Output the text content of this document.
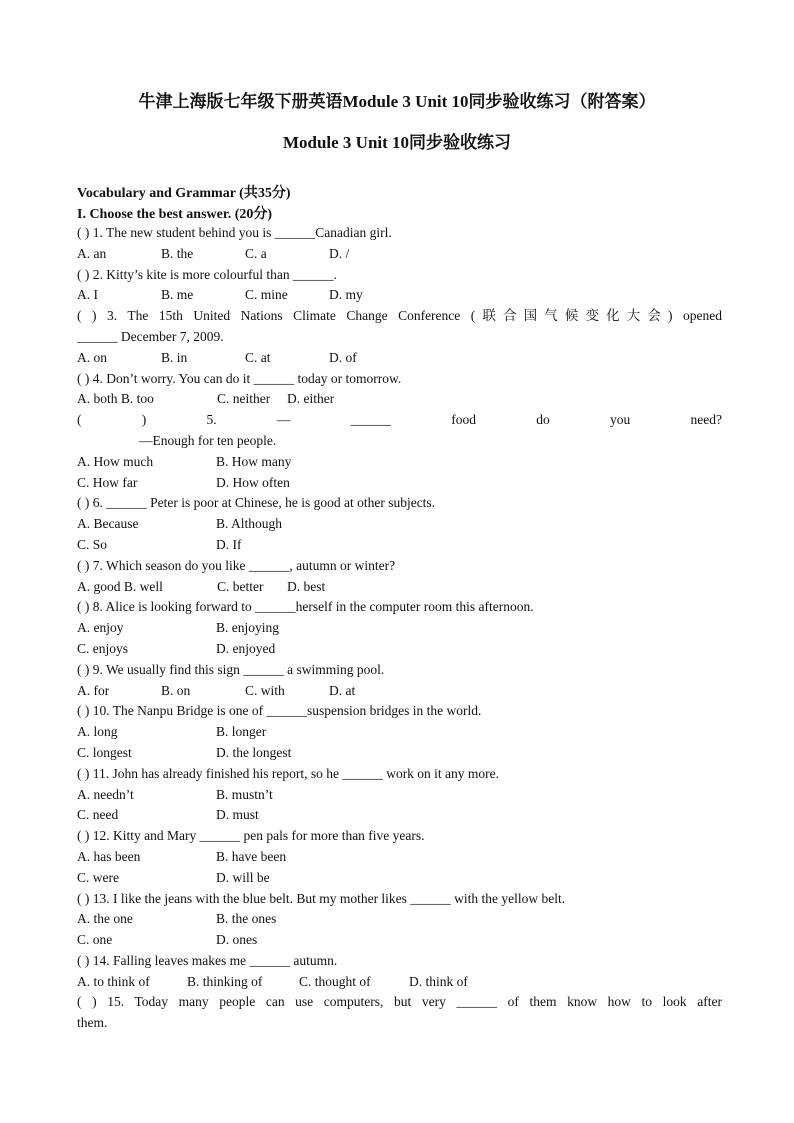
牛津上海版七年级下册英语Module 3 Unit 10同步验收练习（附答案）
Module 3 Unit 10同步验收练习
Vocabulary and Grammar (共35分)
I. Choose the best answer. (20分)
( ) 1. The new student behind you is ______Canadian girl.
A. an	B. the	C. a	D. /
( ) 2. Kitty’s kite is more colourful than ______.
A. I	B. me	C. mine	D. my
( ) 3. The 15th United Nations Climate Change Conference (联合国气候变化大会) opened
______ December 7, 2009.
A. on	B. in	C. at	D. of
( ) 4. Don’t worry. You can do it ______ today or tomorrow.
A. both B. too	C. neither D. either
( ) 5. — ______ food do you need?
—Enough for ten people.
A. How much	B. How many
C. How far	D. How often
( ) 6. ______ Peter is poor at Chinese, he is good at other subjects.
A. Because	B. Although
C. So	D. If
( ) 7. Which season do you like ______, autumn or winter?
A. good B. well	C. better D. best
( ) 8. Alice is looking forward to ______herself in the computer room this afternoon.
A. enjoy	B. enjoying
C. enjoys	D. enjoyed
( ) 9. We usually find this sign ______ a swimming pool.
A. for	B. on	C. with	D. at
( ) 10. The Nanpu Bridge is one of ______suspension bridges in the world.
A. long	B. longer
C. longest	D. the longest
( ) 11. John has already finished his report, so he ______ work on it any more.
A. needn’t	B. mustn’t
C. need	D. must
( ) 12. Kitty and Mary ______ pen pals for more than five years.
A. has been	B. have been
C. were	D. will be
( ) 13. I like the jeans with the blue belt. But my mother likes ______ with the yellow belt.
A. the one	B. the ones
C. one	D. ones
( ) 14. Falling leaves makes me ______ autumn.
A. to think of	B. thinking of	C. thought of	D. think of
( ) 15. Today many people can use computers, but very ______ of them know how to look after
them.
